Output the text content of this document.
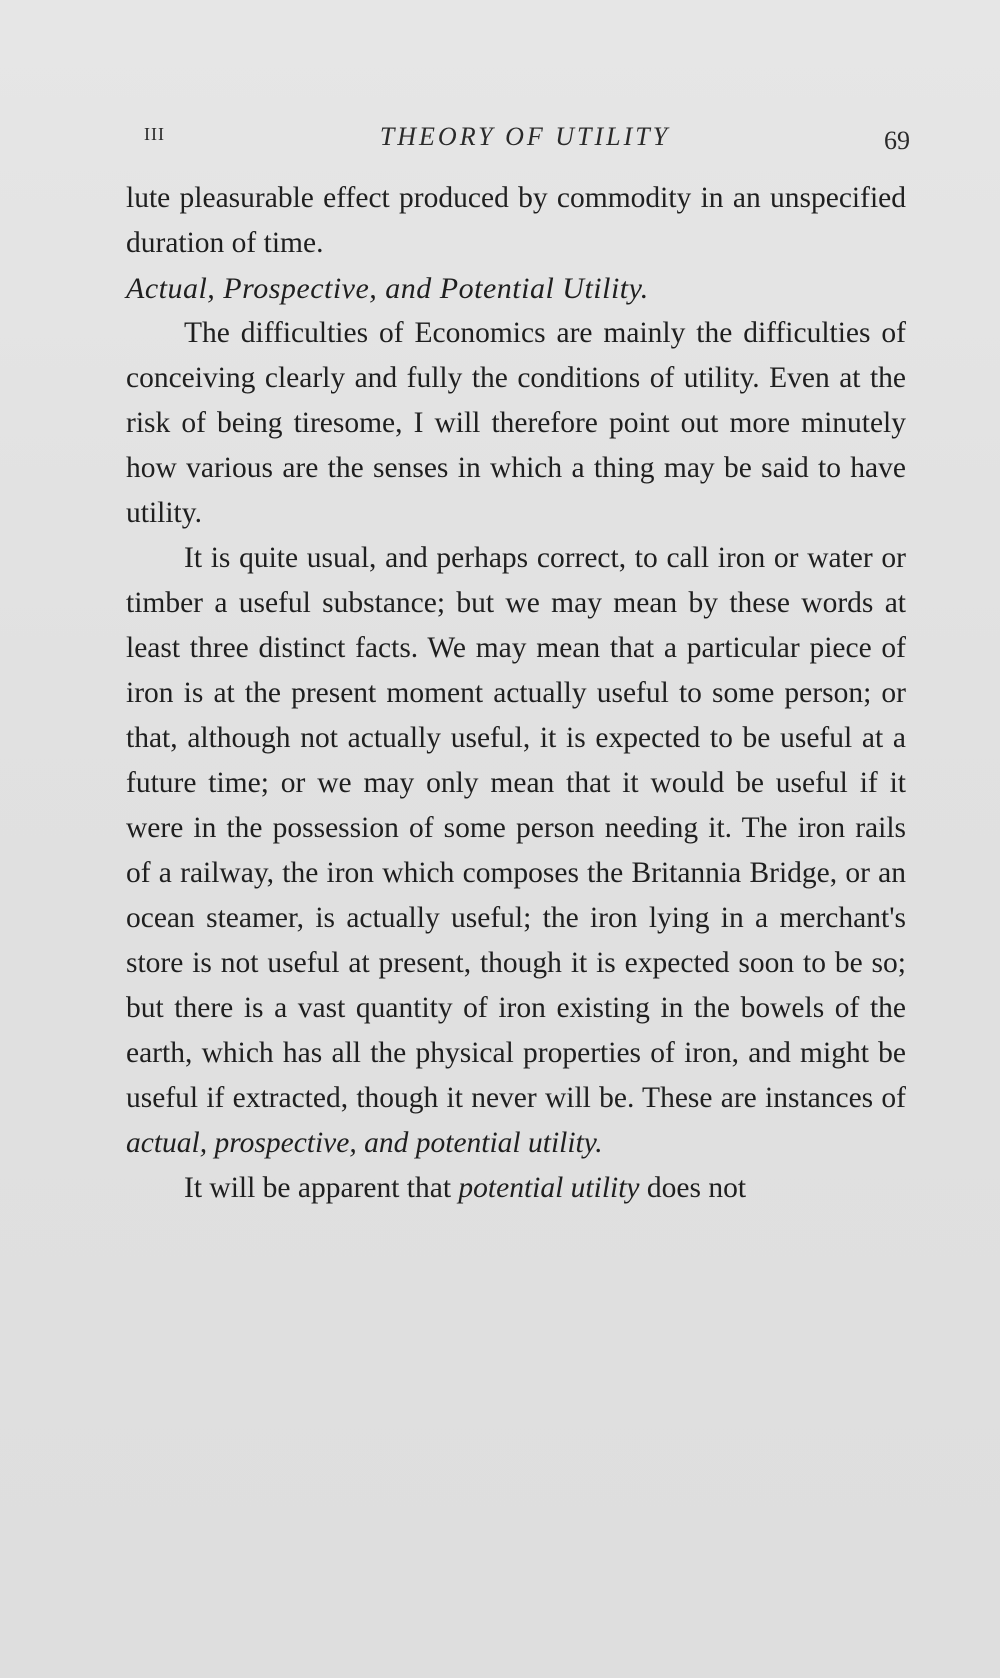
III	THEORY OF UTILITY	69

lute pleasurable effect produced by commodity in an unspecified duration of time.

Actual, Prospective, and Potential Utility.

The difficulties of Economics are mainly the difficulties of conceiving clearly and fully the conditions of utility. Even at the risk of being tiresome, I will therefore point out more minutely how various are the senses in which a thing may be said to have utility.

It is quite usual, and perhaps correct, to call iron or water or timber a useful substance; but we may mean by these words at least three distinct facts. We may mean that a particular piece of iron is at the present moment actually useful to some person; or that, although not actually useful, it is expected to be useful at a future time; or we may only mean that it would be useful if it were in the possession of some person needing it. The iron rails of a railway, the iron which composes the Britannia Bridge, or an ocean steamer, is actually useful; the iron lying in a merchant's store is not useful at present, though it is expected soon to be so; but there is a vast quantity of iron existing in the bowels of the earth, which has all the physical properties of iron, and might be useful if extracted, though it never will be. These are instances of actual, prospective, and potential utility.

It will be apparent that potential utility does not
